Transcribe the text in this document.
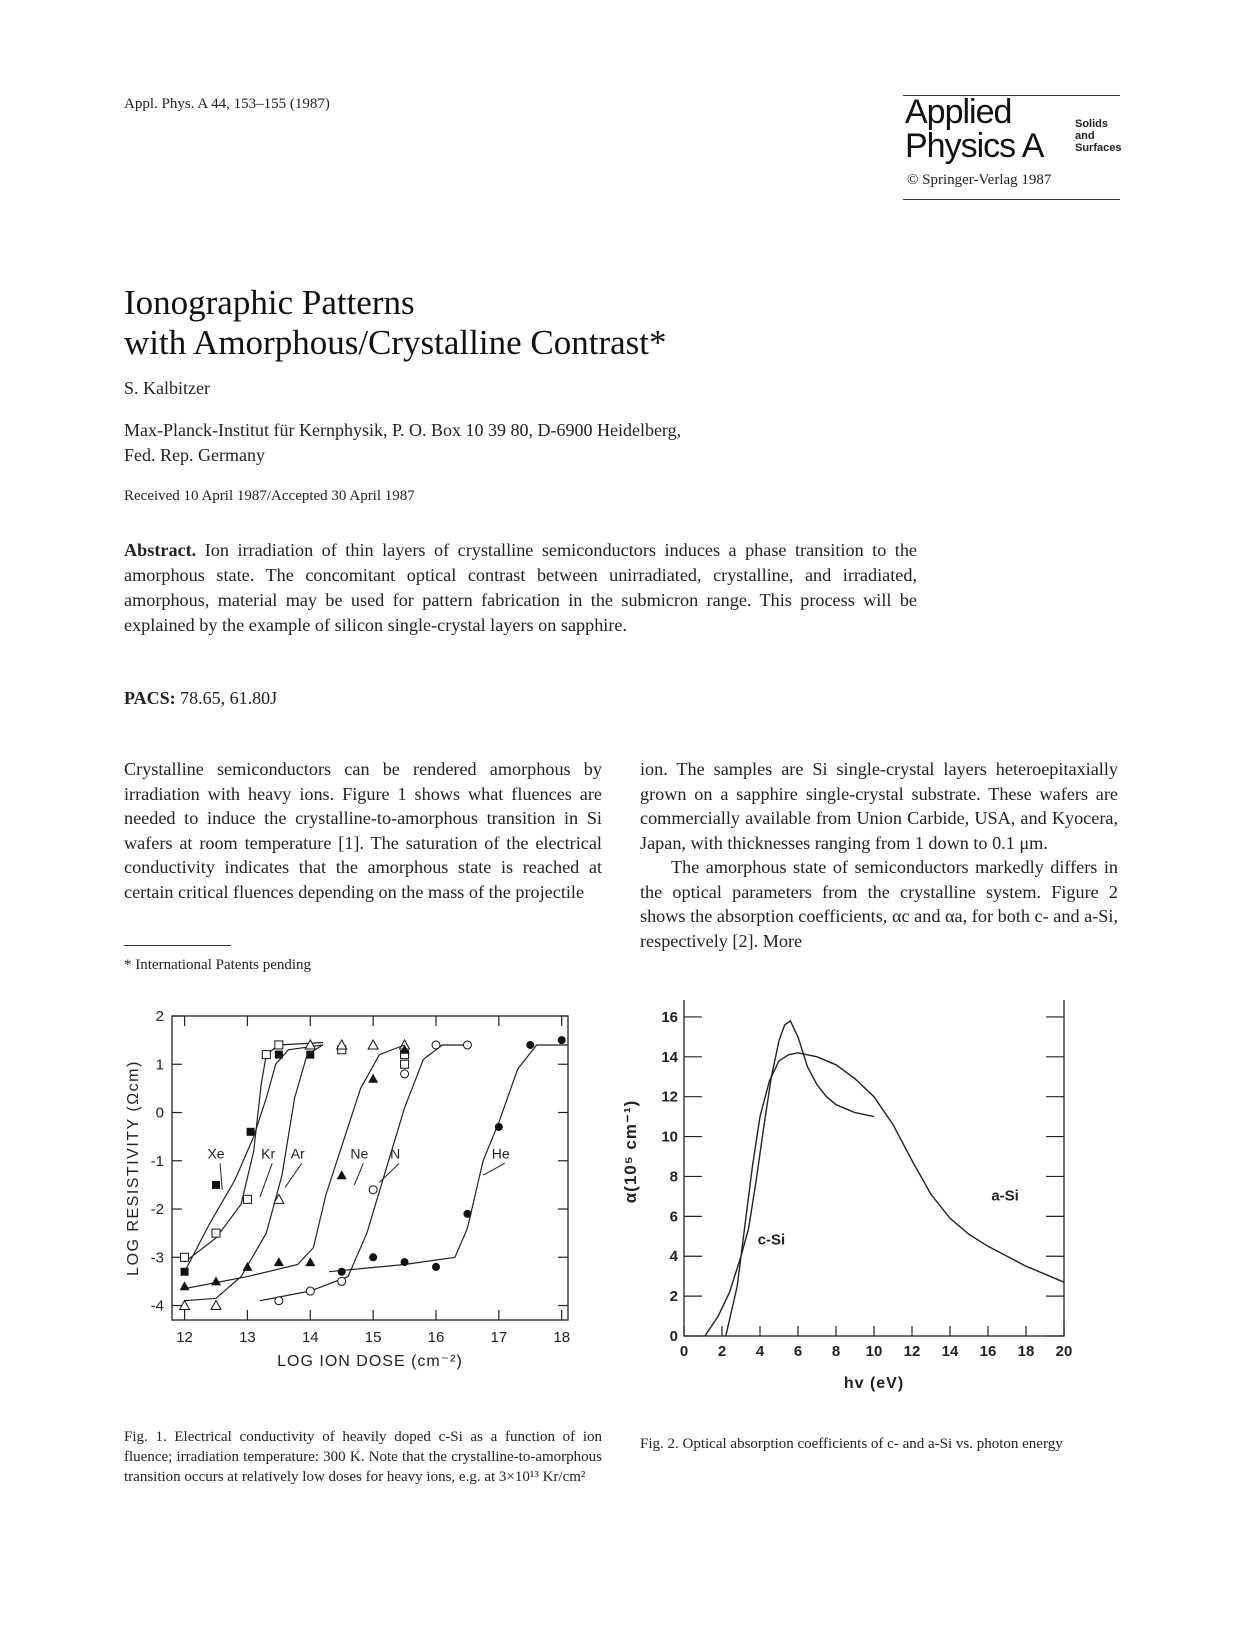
Appl. Phys. A 44, 153–155 (1987)	Applied
Physics A
Solids
and
Surfaces
© Springer-Verlag 1987
Ionographic Patterns
with Amorphous/Crystalline Contrast*
S. Kalbitzer
Max-Planck-Institut für Kernphysik, P. O. Box 10 39 80, D-6900 Heidelberg,
Fed. Rep. Germany
Received 10 April 1987/Accepted 30 April 1987
Abstract. Ion irradiation of thin layers of crystalline semiconductors induces a phase transition to the amorphous state. The concomitant optical contrast between unirradiated, crystalline, and irradiated, amorphous, material may be used for pattern fabrication in the submicron range. This process will be explained by the example of silicon single-crystal layers on sapphire.
PACS: 78.65, 61.80J
Crystalline semiconductors can be rendered amorphous by irradiation with heavy ions. Figure 1 shows what fluences are needed to induce the crystalline-to-amorphous transition in Si wafers at room temperature [1]. The saturation of the electrical conductivity indicates that the amorphous state is reached at certain critical fluences depending on the mass of the projectile
ion. The samples are Si single-crystal layers heteroepitaxially grown on a sapphire single-crystal substrate. These wafers are commercially available from Union Carbide, USA, and Kyocera, Japan, with thicknesses ranging from 1 down to 0.1 μm.
The amorphous state of semiconductors markedly differs in the optical parameters from the crystalline system. Figure 2 shows the absorption coefficients, αc and αa, for both c- and a-Si, respectively [2]. More
* International Patents pending
12	13	14	15	16	17	18
-4
-3
-2
-1
0
1
2
LOG ION DOSE (cm⁻²)
LOG RESISTIVITY (Ωcm)	Xe	Kr Ar	Ne N	He
Fig. 1. Electrical conductivity of heavily doped c-Si as a function of ion fluence; irradiation temperature: 300 K. Note that the crystalline-to-amorphous transition occurs at relatively low doses for heavy ions, e.g. at 3×10¹³ Kr/cm²
0 2 4 6 8 10 12 14 16 18 20
0
2
4
6
8
10
12
14
16
hv (eV)
α(10⁵ cm⁻¹)
c-Si
a-Si
Fig. 2. Optical absorption coefficients of c- and a-Si vs. photon energy
